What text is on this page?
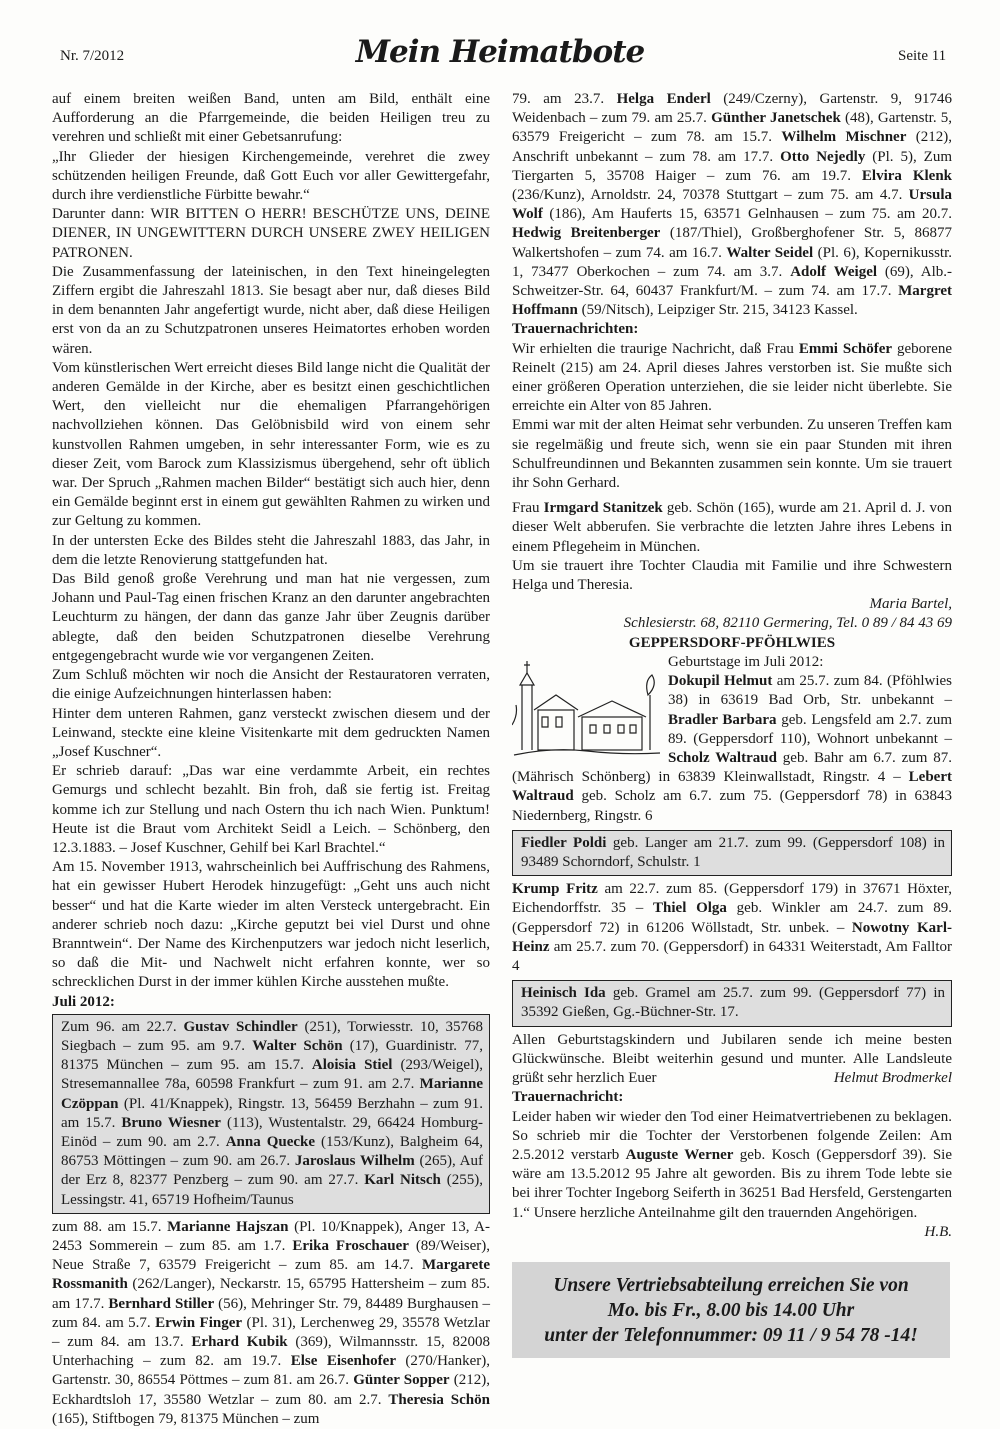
Nr. 7/2012	Mein Heimatbote	Seite 11

auf einem breiten weißen Band, unten am Bild, enthält eine Aufforderung an die Pfarrgemeinde, die beiden Heiligen treu zu verehren und schließt mit einer Gebetsanrufung:

„Ihr Glieder der hiesigen Kirchengemeinde, verehret die zwey schützenden heiligen Freunde, daß Gott Euch vor aller Gewittergefahr, durch ihre verdienstliche Fürbitte bewahr.“

Darunter dann: WIR BITTEN O HERR! BESCHÜTZE UNS, DEINE DIENER, IN UNGEWITTERN DURCH UNSERE ZWEY HEILIGEN PATRONEN.

Die Zusammenfassung der lateinischen, in den Text hineingelegten Ziffern ergibt die Jahreszahl 1813. Sie besagt aber nur, daß dieses Bild in dem benannten Jahr angefertigt wurde, nicht aber, daß diese Heiligen erst von da an zu Schutzpatronen unseres Heimatortes erhoben worden wären.

Vom künstlerischen Wert erreicht dieses Bild lange nicht die Qualität der anderen Gemälde in der Kirche, aber es besitzt einen geschichtlichen Wert, den vielleicht nur die ehemaligen Pfarrangehörigen nachvollziehen können. Das Gelöbnisbild wird von einem sehr kunstvollen Rahmen umgeben, in sehr interessanter Form, wie es zu dieser Zeit, vom Barock zum Klassizismus übergehend, sehr oft üblich war. Der Spruch „Rahmen machen Bilder“ bestätigt sich auch hier, denn ein Gemälde beginnt erst in einem gut gewählten Rahmen zu wirken und zur Geltung zu kommen.

In der untersten Ecke des Bildes steht die Jahreszahl 1883, das Jahr, in dem die letzte Renovierung stattgefunden hat.

Das Bild genoß große Verehrung und man hat nie vergessen, zum Johann und Paul-Tag einen frischen Kranz an den darunter angebrachten Leuchturm zu hängen, der dann das ganze Jahr über Zeugnis darüber ablegte, daß den beiden Schutzpatronen dieselbe Verehrung entgegengebracht wurde wie vor vergangenen Zeiten.

Zum Schluß möchten wir noch die Ansicht der Restauratoren verraten, die einige Aufzeichnungen hinterlassen haben:

Hinter dem unteren Rahmen, ganz versteckt zwischen diesem und der Leinwand, steckte eine kleine Visitenkarte mit dem gedruckten Namen „Josef Kuschner“.

Er schrieb darauf: „Das war eine verdammte Arbeit, ein rechtes Gemurgs und schlecht bezahlt. Bin froh, daß sie fertig ist. Freitag komme ich zur Stellung und nach Ostern thu ich nach Wien. Punktum! Heute ist die Braut vom Architekt Seidl a Leich. – Schönberg, den 12.3.1883. – Josef Kuschner, Gehilf bei Karl Brachtel.“

Am 15. November 1913, wahrscheinlich bei Auffrischung des Rahmens, hat ein gewisser Hubert Herodek hinzugefügt: „Geht uns auch nicht besser“ und hat die Karte wieder im alten Versteck untergebracht. Ein anderer schrieb noch dazu: „Kirche geputzt bei viel Durst und ohne Branntwein“. Der Name des Kirchenputzers war jedoch nicht leserlich, so daß die Mit- und Nachwelt nicht erfahren konnte, wer so schrecklichen Durst in der immer kühlen Kirche ausstehen mußte.

Juli 2012:

Zum 96. am 22.7. Gustav Schindler (251), Torwiesstr. 10, 35768 Siegbach – zum 95. am 9.7. Walter Schön (17), Guardinistr. 77, 81375 München – zum 95. am 15.7. Aloisia Stiel (293/Weigel), Stresemannallee 78a, 60598 Frankfurt – zum 91. am 2.7. Marianne Czöppan (Pl. 41/Knappek), Ringstr. 13, 56459 Berzhahn – zum 91. am 15.7. Bruno Wiesner (113), Wustentalstr. 29, 66424 Homburg-Einöd – zum 90. am 2.7. Anna Quecke (153/Kunz), Balgheim 64, 86753 Möttingen – zum 90. am 26.7. Jaroslaus Wilhelm (265), Auf der Erz 8, 82377 Penzberg – zum 90. am 27.7. Karl Nitsch (255), Lessingstr. 41, 65719 Hofheim/Taunus

zum 88. am 15.7. Marianne Hajszan (Pl. 10/Knappek), Anger 13, A-2453 Sommerein – zum 85. am 1.7. Erika Froschauer (89/Weiser), Neue Straße 7, 63579 Freigericht – zum 85. am 14.7. Margarete Rossmanith (262/Langer), Neckarstr. 15, 65795 Hattersheim – zum 85. am 17.7. Bernhard Stiller (56), Mehringer Str. 79, 84489 Burghausen – zum 84. am 5.7. Erwin Finger (Pl. 31), Lerchenweg 29, 35578 Wetzlar – zum 84. am 13.7. Erhard Kubik (369), Wilmannsstr. 15, 82008 Unterhaching – zum 82. am 19.7. Else Eisenhofer (270/Hanker), Gartenstr. 30, 86554 Pöttmes – zum 81. am 26.7. Günter Sopper (212), Eckhardtsloh 17, 35580 Wetzlar – zum 80. am 2.7. Theresia Schön (165), Stiftbogen 79, 81375 München – zum

79. am 23.7. Helga Enderl (249/Czerny), Gartenstr. 9, 91746 Weidenbach – zum 79. am 25.7. Günther Janetschek (48), Gartenstr. 5, 63579 Freigericht – zum 78. am 15.7. Wilhelm Mischner (212), Anschrift unbekannt – zum 78. am 17.7. Otto Nejedly (Pl. 5), Zum Tiergarten 5, 35708 Haiger – zum 76. am 19.7. Elvira Klenk (236/Kunz), Arnoldstr. 24, 70378 Stuttgart – zum 75. am 4.7. Ursula Wolf (186), Am Hauferts 15, 63571 Gelnhausen – zum 75. am 20.7. Hedwig Breitenberger (187/Thiel), Großberghofener Str. 5, 86877 Walkertshofen – zum 74. am 16.7. Walter Seidel (Pl. 6), Kopernikusstr. 1, 73477 Oberkochen – zum 74. am 3.7. Adolf Weigel (69), Alb.-Schweitzer-Str. 64, 60437 Frankfurt/M. – zum 74. am 17.7. Margret Hoffmann (59/Nitsch), Leipziger Str. 215, 34123 Kassel.

Trauernachrichten:

Wir erhielten die traurige Nachricht, daß Frau Emmi Schöfer geborene Reinelt (215) am 24. April dieses Jahres verstorben ist. Sie mußte sich einer größeren Operation unterziehen, die sie leider nicht überlebte. Sie erreichte ein Alter von 85 Jahren.

Emmi war mit der alten Heimat sehr verbunden. Zu unseren Treffen kam sie regelmäßig und freute sich, wenn sie ein paar Stunden mit ihren Schulfreundinnen und Bekannten zusammen sein konnte. Um sie trauert ihr Sohn Gerhard.

Frau Irmgard Stanitzek geb. Schön (165), wurde am 21. April d. J. von dieser Welt abberufen. Sie verbrachte die letzten Jahre ihres Lebens in einem Pflegeheim in München.

Um sie trauert ihre Tochter Claudia mit Familie und ihre Schwestern Helga und Theresia.

Maria Bartel,

Schlesierstr. 68, 82110 Germering, Tel. 0 89 / 84 43 69

GEPPERSDORF-PFÖHLWIES

Geburtstage im Juli 2012:
Dokupil Helmut am 25.7. zum 84. (Pföhlwies 38) in 63619 Bad Orb, Str. unbekannt – Bradler Barbara geb. Lengsfeld am 2.7. zum 89. (Geppersdorf 110), Wohnort unbekannt – Scholz Waltraud geb. Bahr am 6.7. zum 87. (Mährisch Schönberg) in 63839 Kleinwallstadt, Ringstr. 4 – Lebert Waltraud geb. Scholz am 6.7. zum 75. (Geppersdorf 78) in 63843 Niedernberg, Ringstr. 6

Fiedler Poldi geb. Langer am 21.7. zum 99. (Geppersdorf 108) in 93489 Schorndorf, Schulstr. 1

Krump Fritz am 22.7. zum 85. (Geppersdorf 179) in 37671 Höxter, Eichendorffstr. 35 – Thiel Olga geb. Winkler am 24.7. zum 89. (Geppersdorf 72) in 61206 Wöllstadt, Str. unbek. – Nowotny Karl-Heinz am 25.7. zum 70. (Geppersdorf) in 64331 Weiterstadt, Am Falltor 4

Heinisch Ida geb. Gramel am 25.7. zum 99. (Geppersdorf 77) in 35392 Gießen, Gg.-Büchner-Str. 17.

Allen Geburtstagskindern und Jubilaren sende ich meine besten Glückwünsche. Bleibt weiterhin gesund und munter. Alle Landsleute grüßt sehr herzlich Euer	Helmut Brodmerkel

Trauernachricht:

Leider haben wir wieder den Tod einer Heimatvertriebenen zu beklagen. So schrieb mir die Tochter der Verstorbenen folgende Zeilen: Am 2.5.2012 verstarb Auguste Werner geb. Kosch (Geppersdorf 39). Sie wäre am 13.5.2012 95 Jahre alt geworden. Bis zu ihrem Tode lebte sie bei ihrer Tochter Ingeborg Seiferth in 36251 Bad Hersfeld, Gerstengarten 1.“ Unsere herzliche Anteilnahme gilt den trauernden Angehörigen.

H.B.

Unsere Vertriebsabteilung erreichen Sie von
Mo. bis Fr., 8.00 bis 14.00 Uhr
unter der Telefonnummer: 09 11 / 9 54 78 -14!
